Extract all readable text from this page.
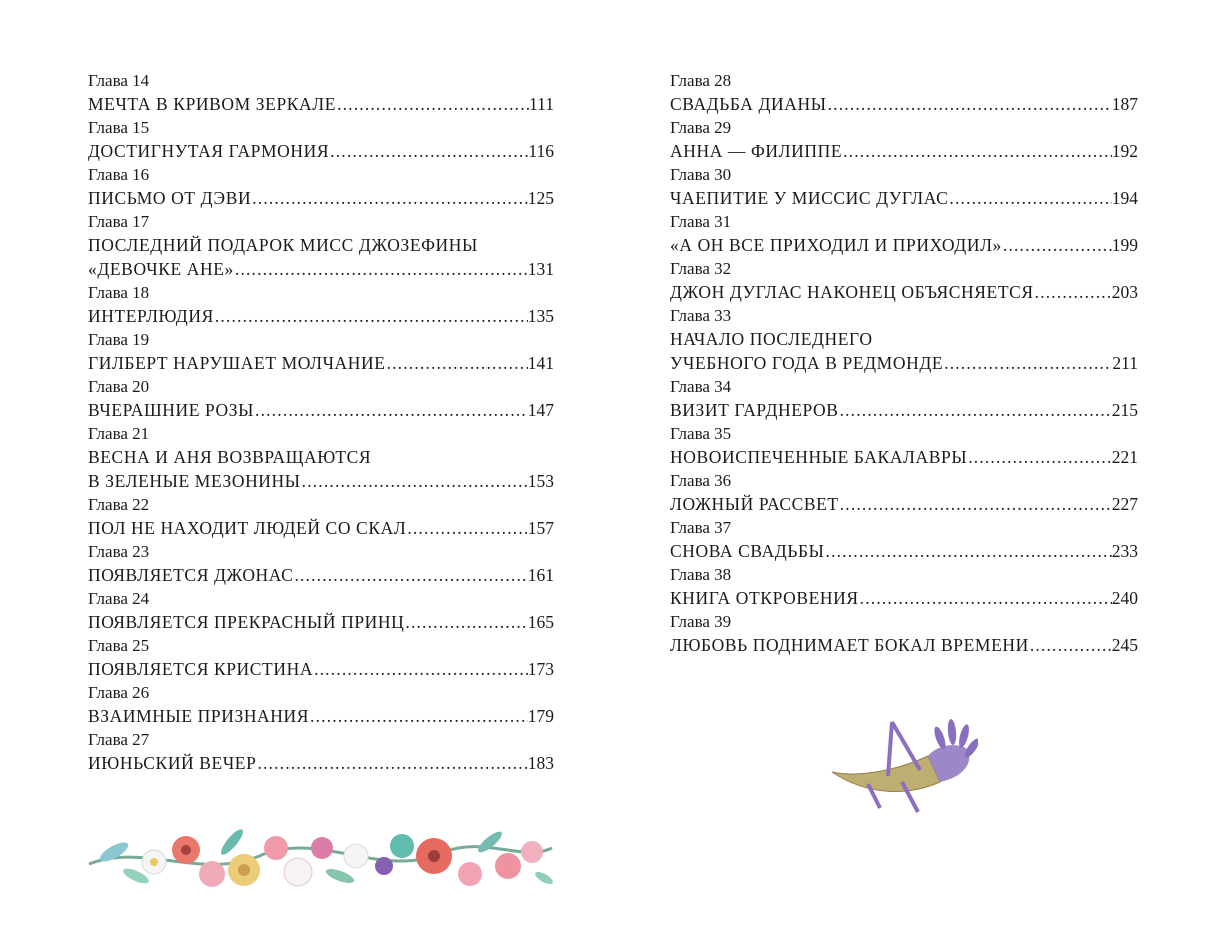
Глава 14
МЕЧТА В КРИВОМ ЗЕРКАЛЕ . . .	111
Глава 15
ДОСТИГНУТАЯ ГАРМОНИЯ . . .	116
Глава 16
ПИСЬМО ОТ ДЭВИ . . .	125
Глава 17
ПОСЛЕДНИЙ ПОДАРОК МИСС ДЖОЗЕФИНЫ
«ДЕВОЧКЕ АНЕ» . . .	131
Глава 18
ИНТЕРЛЮДИЯ . . .	135
Глава 19
ГИЛБЕРТ НАРУШАЕТ МОЛЧАНИЕ . . .	141
Глава 20
ВЧЕРАШНИЕ РОЗЫ . . .	147
Глава 21
ВЕСНА И АНЯ ВОЗВРАЩАЮТСЯ
В ЗЕЛЕНЫЕ МЕЗОНИНЫ . . .	153
Глава 22
ПОЛ НЕ НАХОДИТ ЛЮДЕЙ СО СКАЛ . . .	157
Глава 23
ПОЯВЛЯЕТСЯ ДЖОНАС . . .	161
Глава 24
ПОЯВЛЯЕТСЯ ПРЕКРАСНЫЙ ПРИНЦ . . .	165
Глава 25
ПОЯВЛЯЕТСЯ КРИСТИНА . . .	173
Глава 26
ВЗАИМНЫЕ ПРИЗНАНИЯ . . .	179
Глава 27
ИЮНЬСКИЙ ВЕЧЕР . . .	183
Глава 28
СВАДЬБА ДИАНЫ . . .	187
Глава 29
АННА — ФИЛИППЕ . . .	192
Глава 30
ЧАЕПИТИЕ У МИССИС ДУГЛАС . . .	194
Глава 31
«А ОН ВСЕ ПРИХОДИЛ И ПРИХОДИЛ» . . .	199
Глава 32
ДЖОН ДУГЛАС НАКОНЕЦ ОБЪЯСНЯЕТСЯ . . .	203
Глава 33
НАЧАЛО ПОСЛЕДНЕГО
УЧЕБНОГО ГОДА В РЕДМОНДЕ . . .	211
Глава 34
ВИЗИТ ГАРДНЕРОВ . . .	215
Глава 35
НОВОИСПЕЧЕННЫЕ БАКАЛАВРЫ . . .	221
Глава 36
ЛОЖНЫЙ РАССВЕТ . . .	227
Глава 37
СНОВА СВАДЬБЫ . . .	233
Глава 38
КНИГА ОТКРОВЕНИЯ . . .	240
Глава 39
ЛЮБОВЬ ПОДНИМАЕТ БОКАЛ ВРЕМЕНИ . . .	245
